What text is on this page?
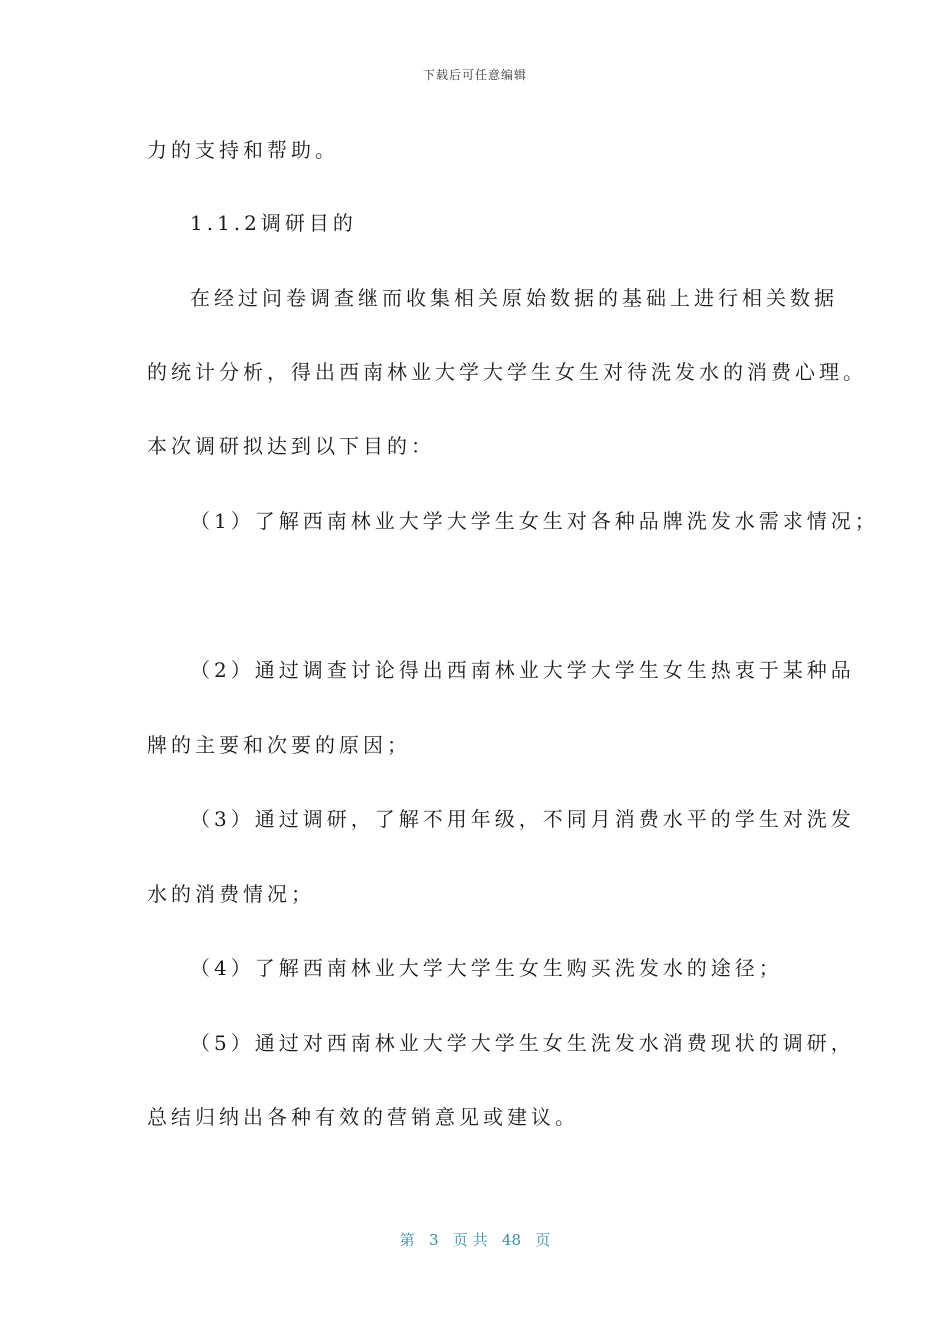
下载后可任意编辑
力的支持和帮助。
1.1.2调研目的
在经过问卷调查继而收集相关原始数据的基础上进行相关数据
的统计分析，得出西南林业大学大学生女生对待洗发水的消费心理。
本次调研拟达到以下目的：
（1）了解西南林业大学大学生女生对各种品牌洗发水需求情况；
（2）通过调查讨论得出西南林业大学大学生女生热衷于某种品
牌的主要和次要的原因；
（3）通过调研，了解不用年级，不同月消费水平的学生对洗发
水的消费情况；
（4）了解西南林业大学大学生女生购买洗发水的途径；
（5）通过对西南林业大学大学生女生洗发水消费现状的调研，
总结归纳出各种有效的营销意见或建议。
第 3 页 共 48 页
